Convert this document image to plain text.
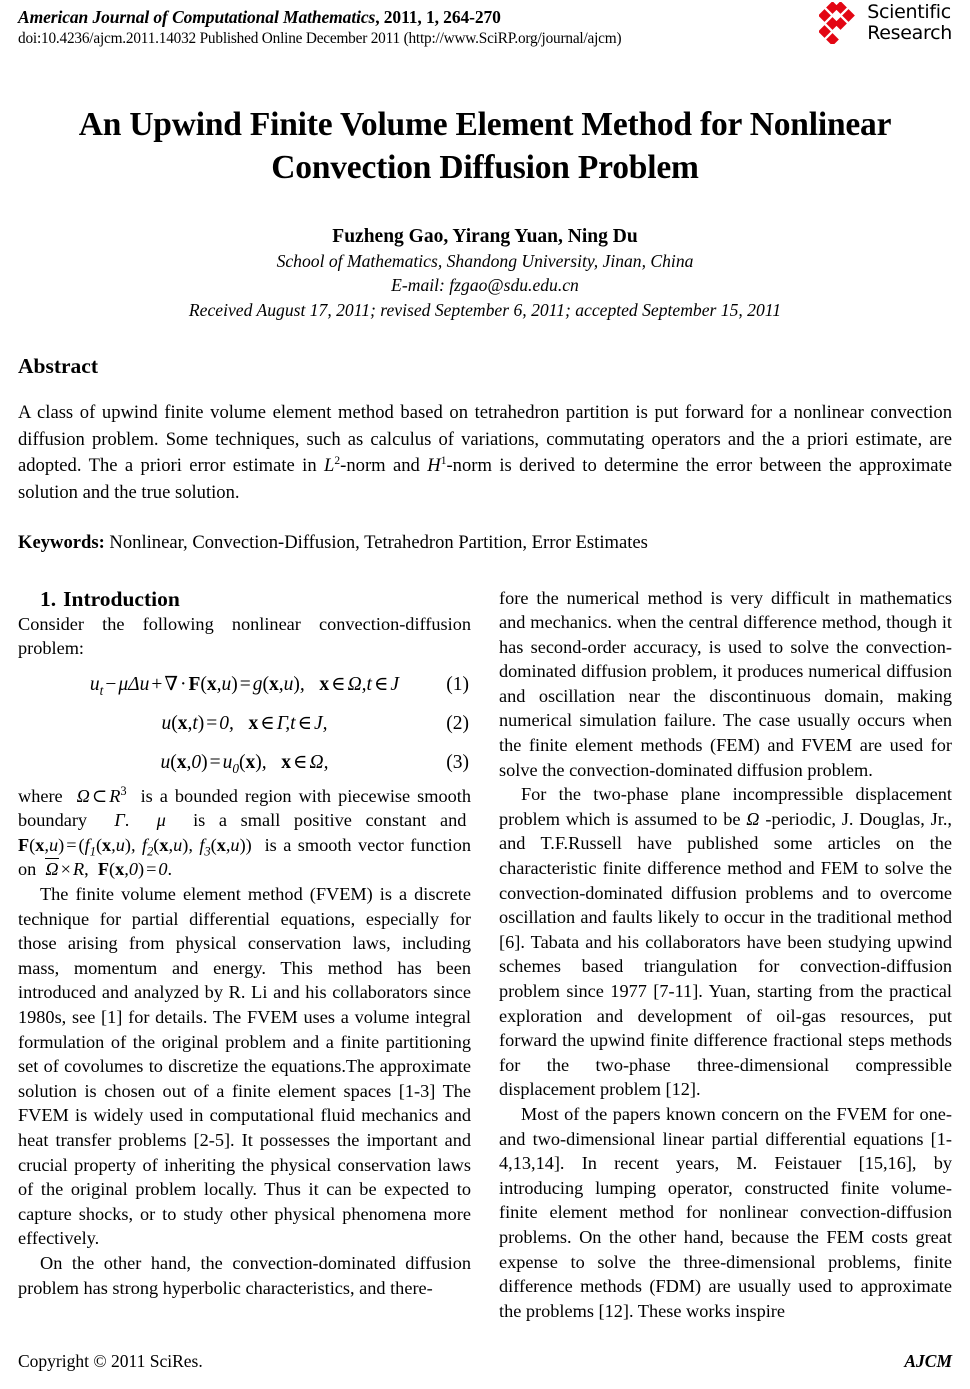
American Journal of Computational Mathematics, 2011, 1, 264-270
doi:10.4236/ajcm.2011.14032 Published Online December 2011 (http://www.SciRP.org/journal/ajcm)
Scientific
Research
An Upwind Finite Volume Element Method for Nonlinear Convection Diffusion Problem
Fuzheng Gao, Yirang Yuan, Ning Du
School of Mathematics, Shandong University, Jinan, China
E-mail: fzgao@sdu.edu.cn
Received August 17, 2011; revised September 6, 2011; accepted September 15, 2011
Abstract
A class of upwind finite volume element method based on tetrahedron partition is put forward for a nonlinear convection diffusion problem. Some techniques, such as calculus of variations, commutating operators and the a priori estimate, are adopted. The a priori error estimate in $L^2$-norm and $H^1$-norm is derived to determine the error between the approximate solution and the true solution.
Keywords: Nonlinear, Convection-Diffusion, Tetrahedron Partition, Error Estimates

1. Introduction

Consider the following nonlinear convection-diffusion problem:

$u_t - \mu\Delta u$ + ∇ · F(x,u) = g(x,u),   x ∈ Ω,t ∈ J (1)
u(x,t) = 0,   x ∈ Γ,t ∈ J,	(2)
$u(x,0) = u_0(x)$,   x ∈ Ω,	(3)

where  Ω ⊂ $R^3$  is a bounded region with piecewise smooth boundary  Γ.  μ  is a small positive constant and  $F(x,u) = (f_1(x,u)$, $f_2(x,u)$, $f_3(x,u)$)  is a smooth vector function on  Ω × R,  F(x,0) = 0.

The finite volume element method (FVEM) is a discrete technique for partial differential equations, especially for those arising from physical conservation laws, including mass, momentum and energy. This method has been introduced and analyzed by R. Li and his collaborators since 1980s, see [1] for details. The FVEM uses a volume integral formulation of the original problem and a finite partitioning set of covolumes to discretize the equations.The approximate solution is chosen out of a finite element spaces [1-3] The FVEM is widely used in computational fluid mechanics and heat transfer problems [2-5]. It possesses the important and crucial property of inheriting the physical conservation laws of the original problem locally. Thus it can be expected to capture shocks, or to study other physical phenomena more effectively.

On the other hand, the convection-dominated diffusion problem has strong hyperbolic characteristics, and there-

fore the numerical method is very difficult in mathematics and mechanics. when the central difference method, though it has second-order accuracy, is used to solve the convection-dominated diffusion problem, it produces numerical diffusion and oscillation near the discontinuous domain, making numerical simulation failure. The case usually occurs when the finite element methods (FEM) and FVEM are used for solve the convection-dominated diffusion problem.

For the two-phase plane incompressible displacement problem which is assumed to be Ω -periodic, J. Douglas, Jr., and T.F.Russell have published some articles on the characteristic finite difference method and FEM to solve the convection-dominated diffusion problems and to overcome oscillation and faults likely to occur in the traditional method [6]. Tabata and his collaborators have been studying upwind schemes based triangulation for convection-diffusion problem since 1977 [7-11]. Yuan, starting from the practical exploration and development of oil-gas resources, put forward the upwind finite difference fractional steps methods for the two-phase three-dimensional compressible displacement problem [12].

Most of the papers known concern on the FVEM for one- and two-dimensional linear partial differential equations [1-4,13,14]. In recent years, M. Feistauer [15,16], by introducing lumping operator, constructed finite volume-finite element method for nonlinear convection-diffusion problems. On the other hand, because the FEM costs great expense to solve the three-dimensional problems, finite difference methods (FDM) are usually used to approximate the problems [12]. These works inspire

Copyright © 2011 SciRes.	AJCM
